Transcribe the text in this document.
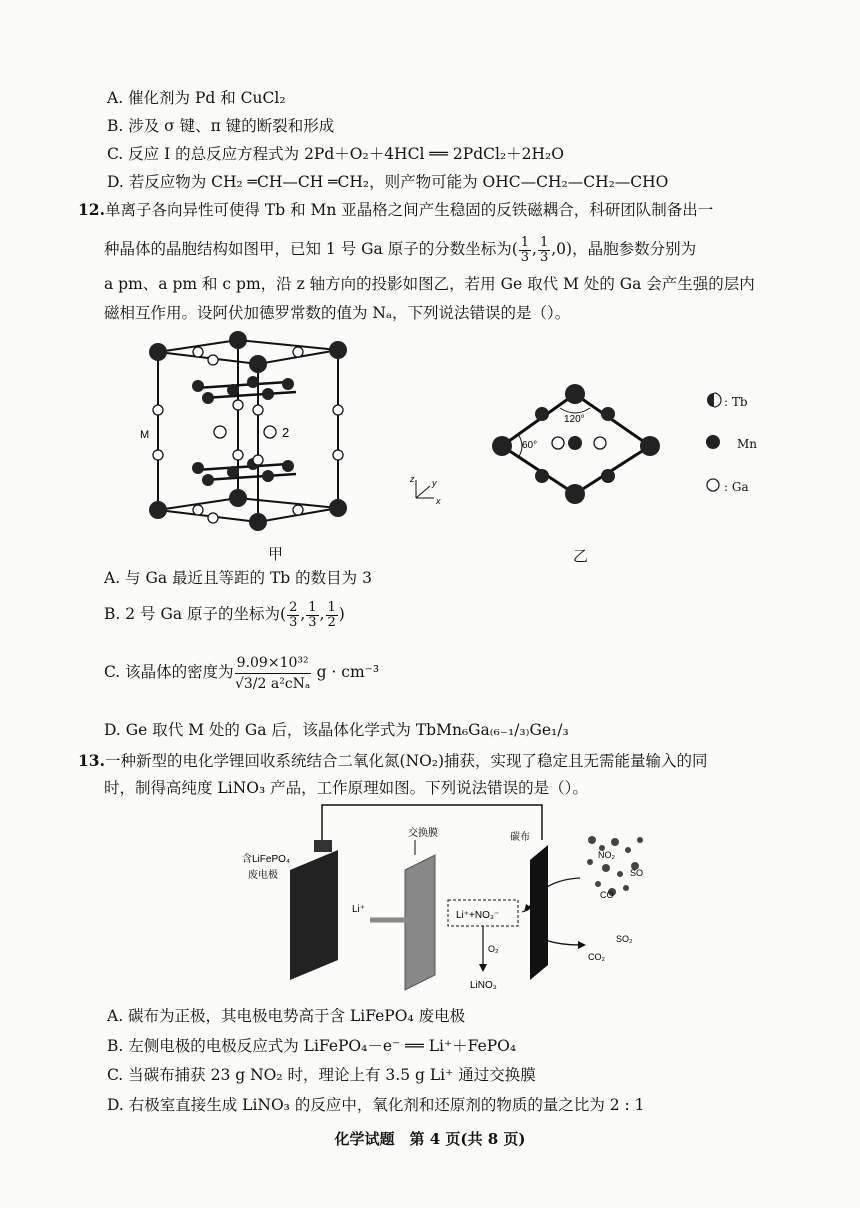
A. 催化剂为 Pd 和 CuCl₂
B. 涉及 σ 键、π 键的断裂和形成
C. 反应 Ⅰ 的总反应方程式为 2Pd＋O₂＋4HCl ══ 2PdCl₂＋2H₂O
D. 若反应物为 CH₂ ═CH—CH ═CH₂，则产物可能为 OHC—CH₂—CH₂—CHO
12.单离子各向异性可使得 Tb 和 Mn 亚晶格之间产生稳固的反铁磁耦合，科研团队制备出一
种晶体的晶胞结构如图甲，已知 1 号 Ga 原子的分数坐标为( $\frac{1}{3}$ , $\frac{1}{3} ,0$)，晶胞参数分别为
a pm、a pm 和 c pm，沿 z 轴方向的投影如图乙，若用 Ge 取代 M 处的 Ga 会产生强的层内
磁相互作用。设阿伏加德罗常数的值为 Nₐ，下列说法错误的是（）。
M	2
甲
z y
x
120°
60°
乙
: Tb
Mn
: Ga
A. 与 Ga 最近且等距的 Tb 的数目为 3
B. 2 号 Ga 原子的坐标为( $\frac{2}{3}$ , $\frac{1}{3}$ , $\frac{1}{2}$ )
C. 该晶体的密度为 $\frac{\text{9.09×10³²}}{\text{√3/2 a²cNₐ}}$ g · cm⁻³
D. Ge 取代 M 处的 Ga 后，该晶体化学式为 TbMn₆Ga₍₆₋₁/₃₎Ge₁/₃
13.一种新型的电化学锂回收系统结合二氧化氮(NO₂)捕获，实现了稳定且无需能量输入的同
时，制得高纯度 LiNO₃ 产品，工作原理如图。下列说法错误的是（）。
含LiFePO₄
废电极
交换膜	碳布
Li⁺
Li⁺+NO₃⁻
O₂
LiNO₃
CO₂
SO₂
NO₂
SO
CO
A. 碳布为正极，其电极电势高于含 LiFePO₄ 废电极
B. 左侧电极的电极反应式为 LiFePO₄－e⁻ ══ Li⁺＋FePO₄
C. 当碳布捕获 23 g NO₂ 时，理论上有 3.5 g Li⁺ 通过交换膜
D. 右极室直接生成 LiNO₃ 的反应中，氧化剂和还原剂的物质的量之比为 2 : 1
化学试题　第 4 页(共 8 页)
